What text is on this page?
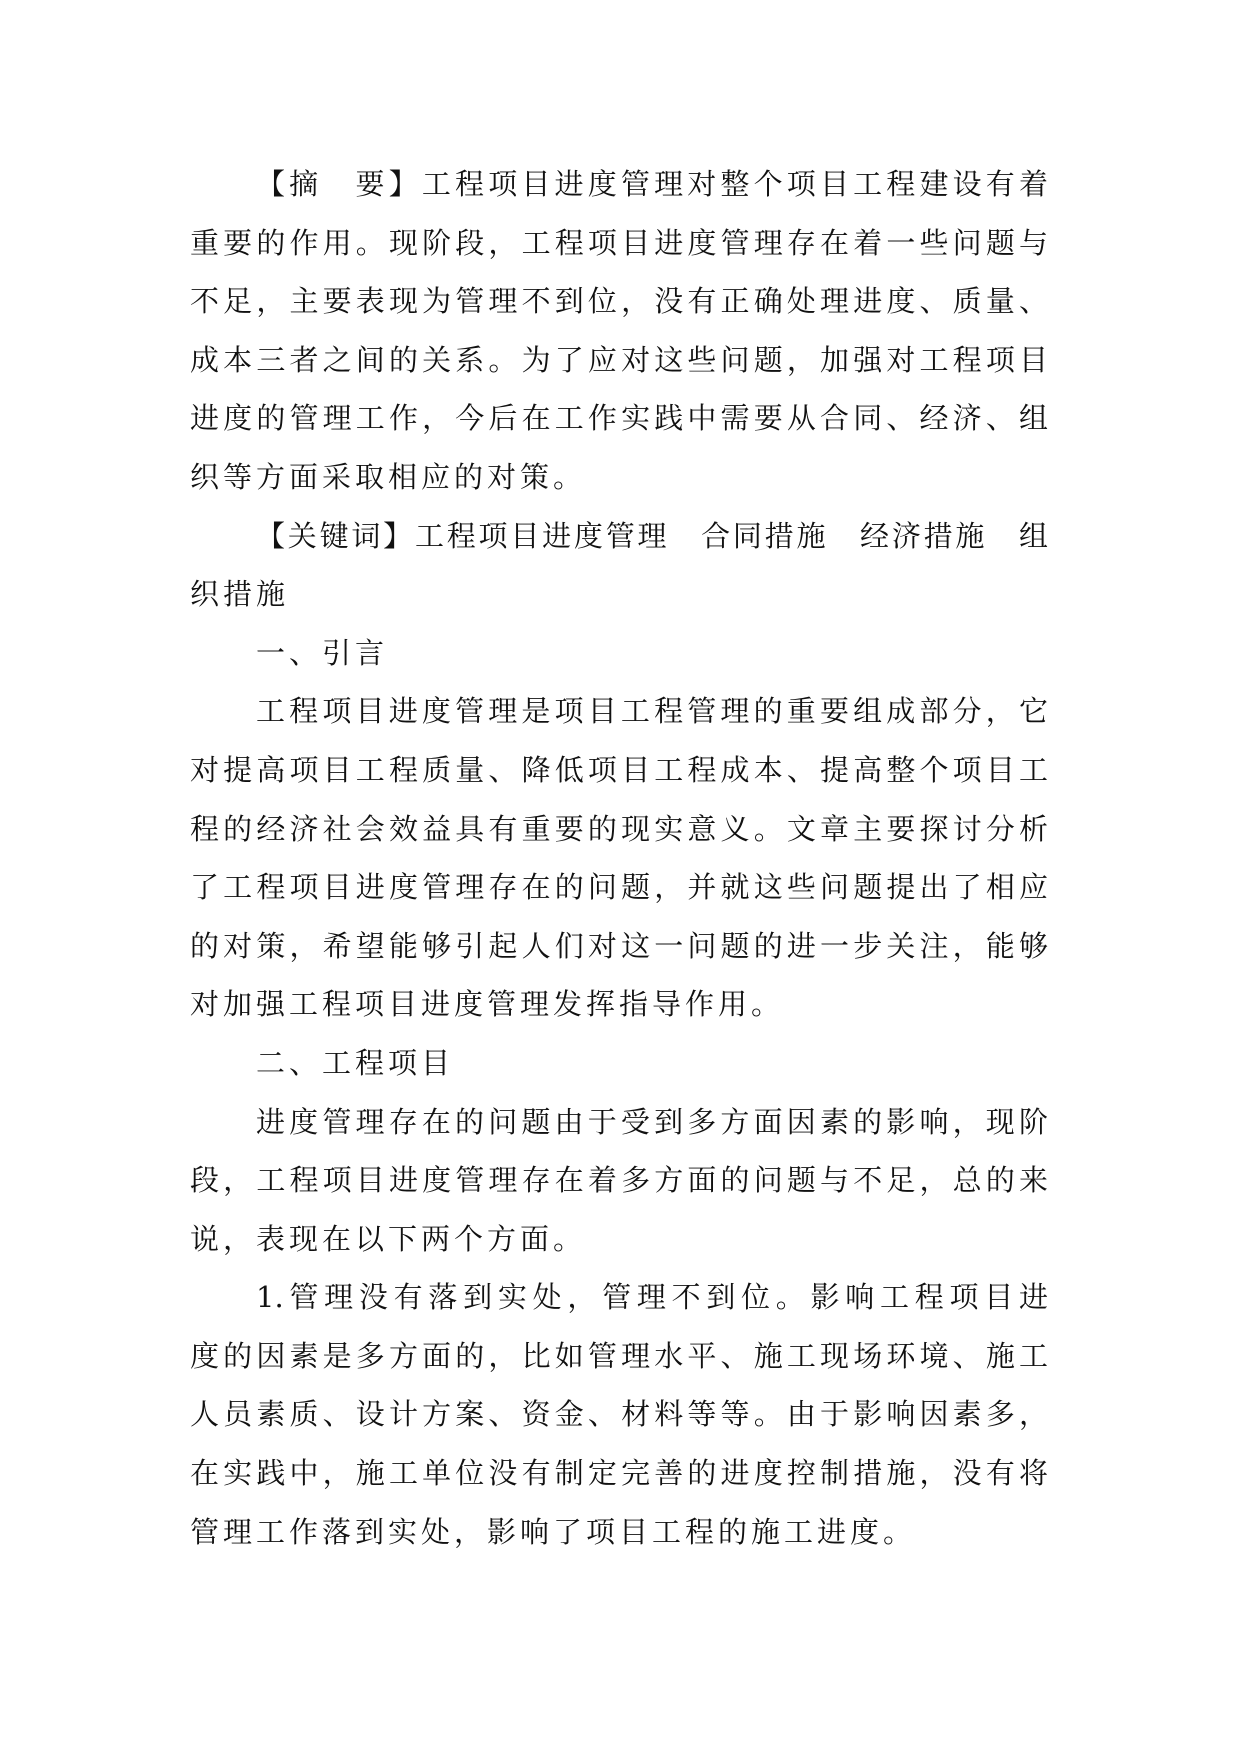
【摘　要】工程项目进度管理对整个项目工程建设有着
重要的作用。现阶段，工程项目进度管理存在着一些问题与
不足，主要表现为管理不到位，没有正确处理进度、质量、
成本三者之间的关系。为了应对这些问题，加强对工程项目
进度的管理工作，今后在工作实践中需要从合同、经济、组
织等方面采取相应的对策。
【关键词】工程项目进度管理　合同措施　经济措施　组
织措施
一、引言
工程项目进度管理是项目工程管理的重要组成部分，它
对提高项目工程质量、降低项目工程成本、提高整个项目工
程的经济社会效益具有重要的现实意义。文章主要探讨分析
了工程项目进度管理存在的问题，并就这些问题提出了相应
的对策，希望能够引起人们对这一问题的进一步关注，能够
对加强工程项目进度管理发挥指导作用。
二、工程项目
进度管理存在的问题由于受到多方面因素的影响，现阶
段，工程项目进度管理存在着多方面的问题与不足，总的来
说，表现在以下两个方面。
1.管理没有落到实处，管理不到位。影响工程项目进
度的因素是多方面的，比如管理水平、施工现场环境、施工
人员素质、设计方案、资金、材料等等。由于影响因素多，
在实践中，施工单位没有制定完善的进度控制措施，没有将
管理工作落到实处，影响了项目工程的施工进度。
